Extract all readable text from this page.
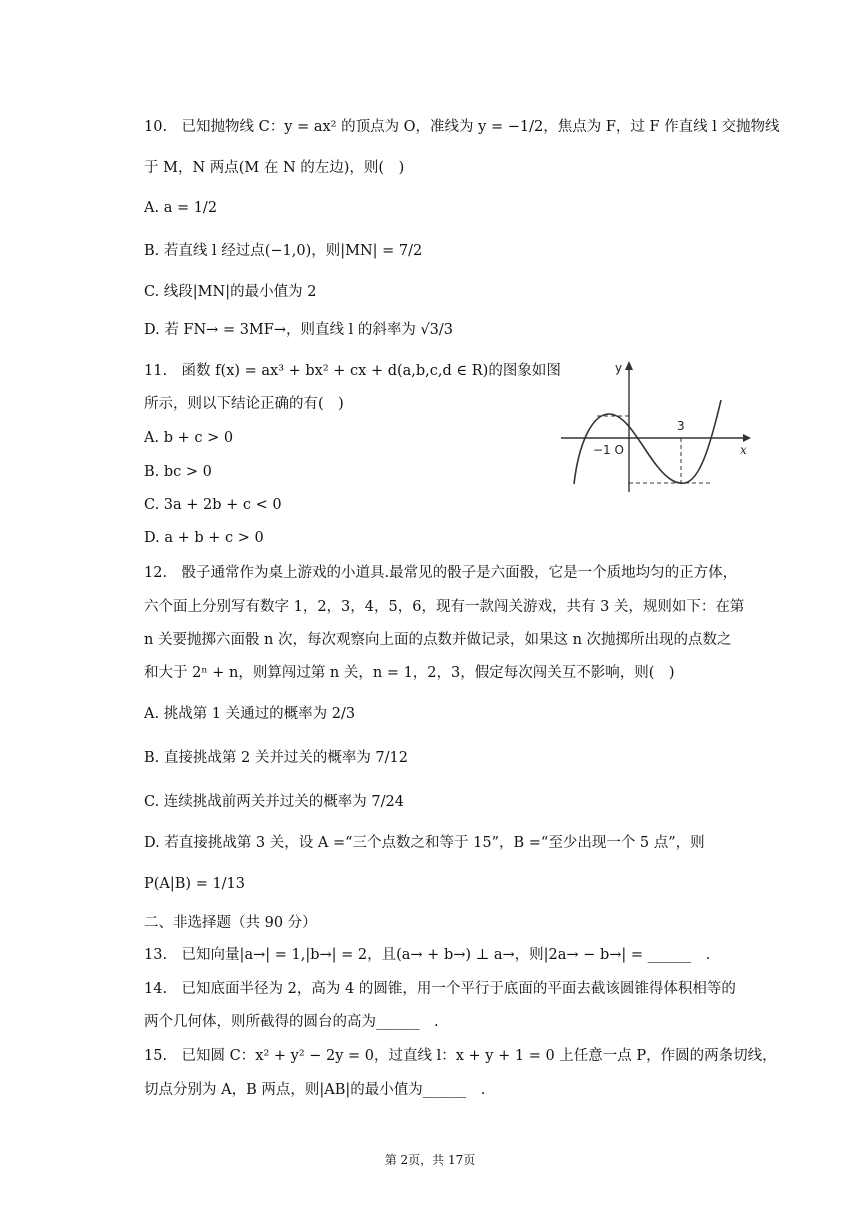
10.　已知抛物线 C：y = ax² 的顶点为 O，准线为 y = −1/2，焦点为 F，过 F 作直线 l 交抛物线
于 M，N 两点(M 在 N 的左边)，则(　)
A. a = 1/2
B. 若直线 l 经过点(−1,0)，则|MN| = 7/2
C. 线段|MN|的最小值为 2
D. 若 FN→ = 3MF→，则直线 l 的斜率为 √3/3
11.　函数 f(x) = ax³ + bx² + cx + d(a,b,c,d ∈ R)的图象如图
所示，则以下结论正确的有(　)
A. b + c > 0
B. bc > 0
C. 3a + 2b + c < 0
D. a + b + c > 0
y
x
−1 O
3
12.　骰子通常作为桌上游戏的小道具.最常见的骰子是六面骰，它是一个质地均匀的正方体，
六个面上分别写有数字 1，2，3，4，5，6，现有一款闯关游戏，共有 3 关，规则如下：在第
n 关要抛掷六面骰 n 次，每次观察向上面的点数并做记录，如果这 n 次抛掷所出现的点数之
和大于 2ⁿ + n，则算闯过第 n 关，n = 1，2，3，假定每次闯关互不影响，则(　)
A. 挑战第 1 关通过的概率为 2/3
B. 直接挑战第 2 关并过关的概率为 7/12
C. 连续挑战前两关并过关的概率为 7/24
D. 若直接挑战第 3 关，设 A =“三个点数之和等于 15”，B =“至少出现一个 5 点”，则
P(A|B) = 1/13
二、非选择题（共 90 分）
13.　已知向量|a→| = 1,|b→| = 2，且(a→ + b→) ⊥ a→，则|2a→ − b→| = ______　.
14.　已知底面半径为 2，高为 4 的圆锥，用一个平行于底面的平面去截该圆锥得体积相等的
两个几何体，则所截得的圆台的高为______　.
15.　已知圆 C：x² + y² − 2y = 0，过直线 l：x + y + 1 = 0 上任意一点 P，作圆的两条切线，
切点分别为 A，B 两点，则|AB|的最小值为______　.
第 2页，共 17页
